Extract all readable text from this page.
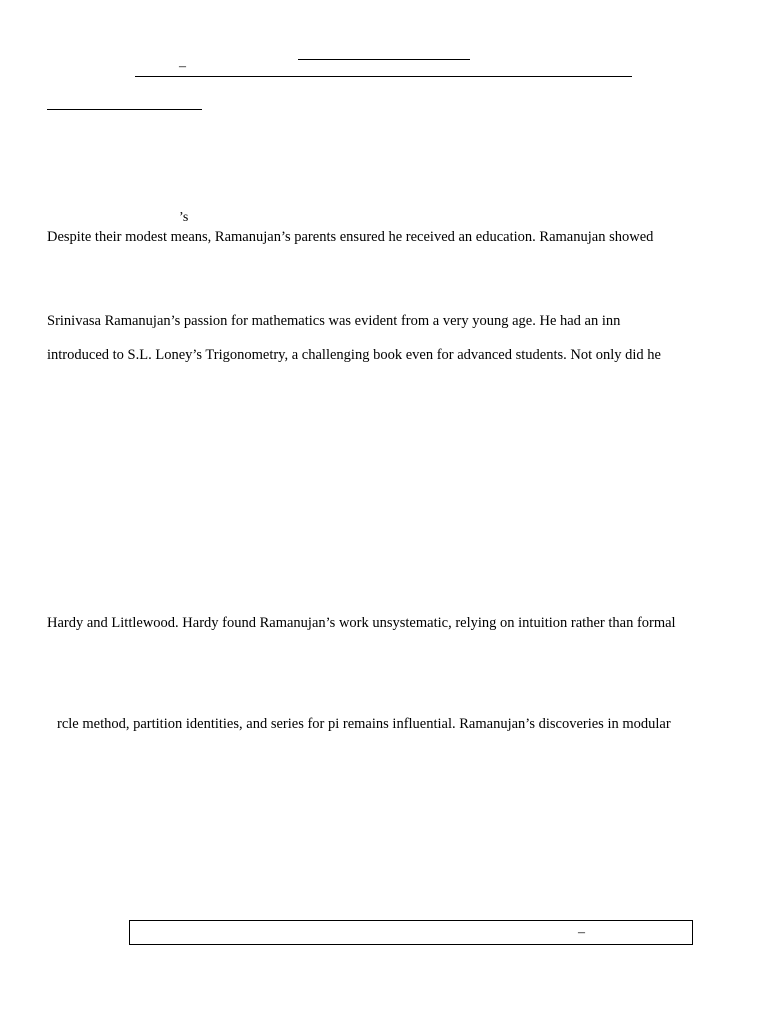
–
’s
Despite their modest means, Ramanujan’s parents ensured he received an education. Ramanujan showed
Srinivasa Ramanujan’s passion for mathematics was evident from a very young age. He had an inn
introduced to S.L. Loney’s Trigonometry, a challenging book even for advanced students. Not only did he
Hardy and Littlewood. Hardy found Ramanujan’s work unsystematic, relying on intuition rather than formal
rcle method, partition identities, and series for pi remains influential. Ramanujan’s discoveries in modular
–
